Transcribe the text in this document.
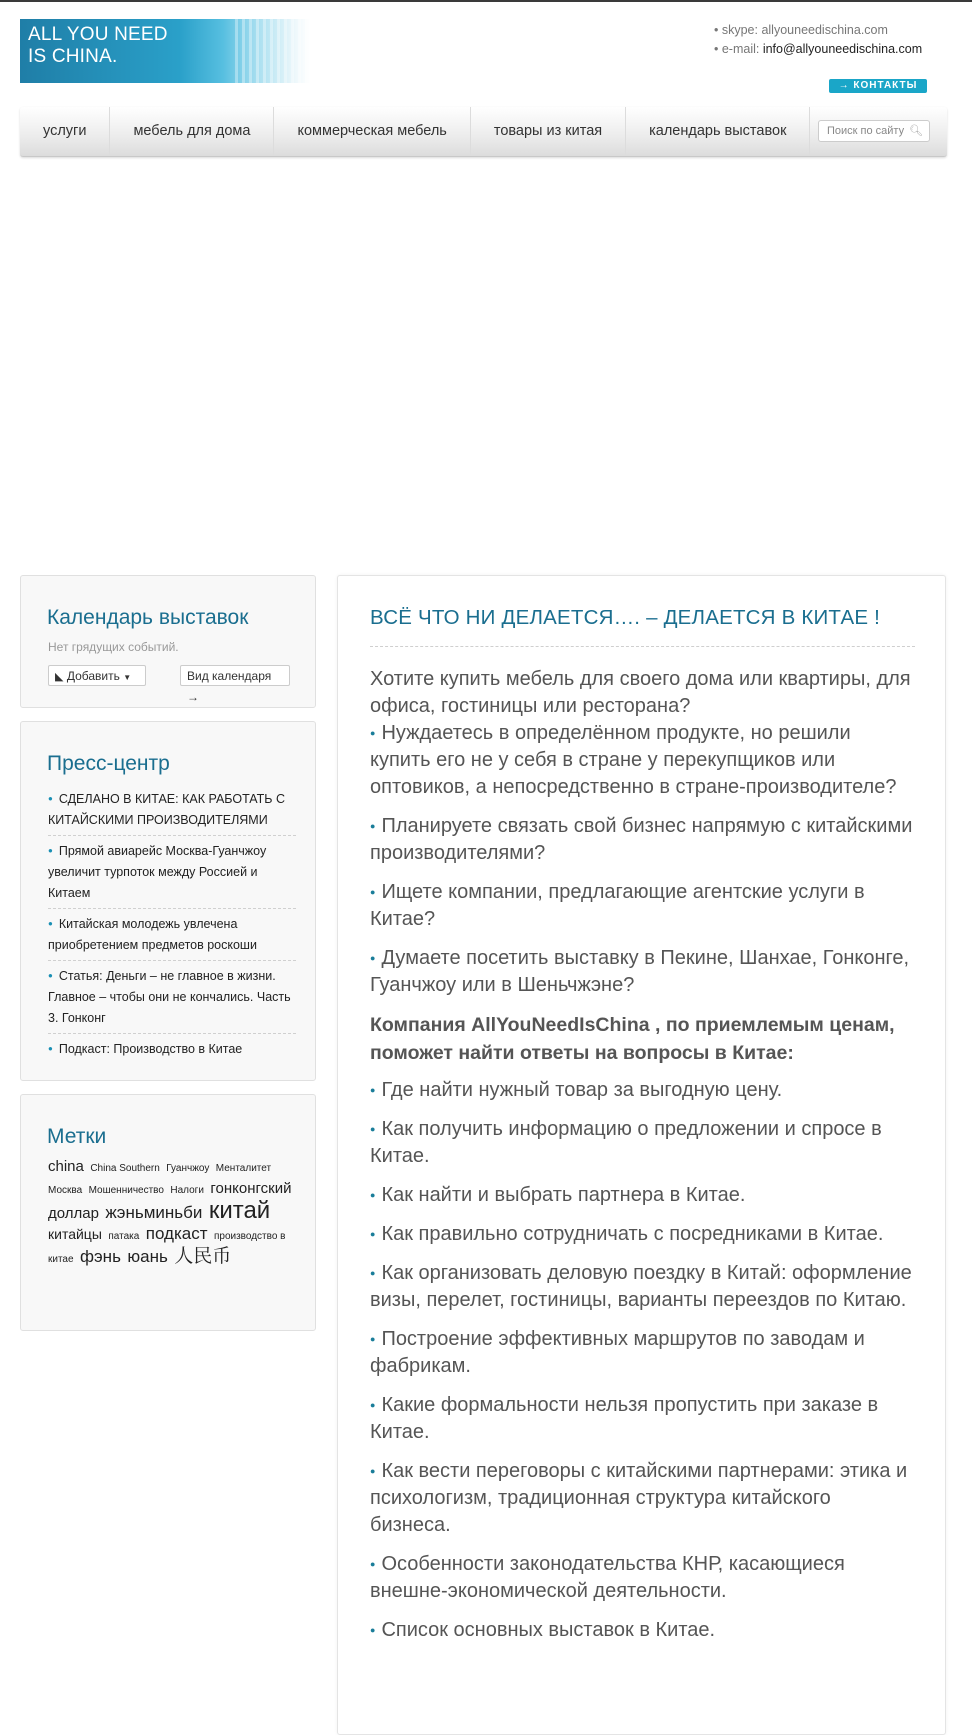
ALL YOU NEED
IS CHINA.
• skype: allyouneedischina.com
• e-mail: info@allyouneedischina.com
→ КОНТАКТЫ
услуги	мебель для дома	коммерческая мебель	товары из китая	календарь выставок	Поиск по сайту 🔍︎
Календарь выставок
Нет грядущих событий.
◣ Добавить ▼	Вид календаря →
Пресс-центр
● СДЕЛАНО В КИТАЕ: КАК РАБОТАТЬ С КИТАЙСКИМИ ПРОИЗВОДИТЕЛЯМИ
● Прямой авиарейс Москва-Гуанчжоу увеличит турпоток между Россией и Китаем
● Китайская молодежь увлечена приобретением предметов роскоши
● Статья: Деньги – не главное в жизни. Главное – чтобы они не кончались. Часть 3. Гонконг
● Подкаст: Производство в Китае
Метки
china China Southern Гуанчжоу Менталитет Москва Мошенничество Налоги гонконгский доллар жэньминьби китай китайцы патака подкаст производство в китае фэнь юань 人民币
ВСЁ ЧТО НИ ДЕЛАЕТСЯ…. – ДЕЛАЕТСЯ В КИТАЕ !

Хотите купить мебель для своего дома или квартиры, для офиса, гостиницы или ресторана?

● Нуждаетесь в определённом продукте, но решили купить его не у себя в стране у перекупщиков или оптовиков, а непосредственно в стране-производителе?

● Планируете связать свой бизнес напрямую с китайскими производителями?

● Ищете компании, предлагающие агентские услуги в Китае?

● Думаете посетить выставку в Пекине, Шанхае, Гонконге, Гуанчжоу или в Шеньчжэне?

Компания AllYouNeedIsChina , по приемлемым ценам, поможет найти ответы на вопросы в Китае:

● Где найти нужный товар за выгодную цену.

● Как получить информацию о предложении и спросе в Китае.

● Как найти и выбрать партнера в Китае.

● Как правильно сотрудничать с посредниками в Китае.

● Как организовать деловую поездку в Китай: оформление визы, перелет, гостиницы, варианты переездов по Китаю.

● Построение эффективных маршрутов по заводам и фабрикам.

● Какие формальности нельзя пропустить при заказе в Китае.

● Как вести переговоры с китайскими партнерами: этика и психологизм, традиционная структура китайского бизнеса.

● Особенности законодательства КНР, касающиеся внешне-экономической деятельности.

● Список основных выставок в Китае.
